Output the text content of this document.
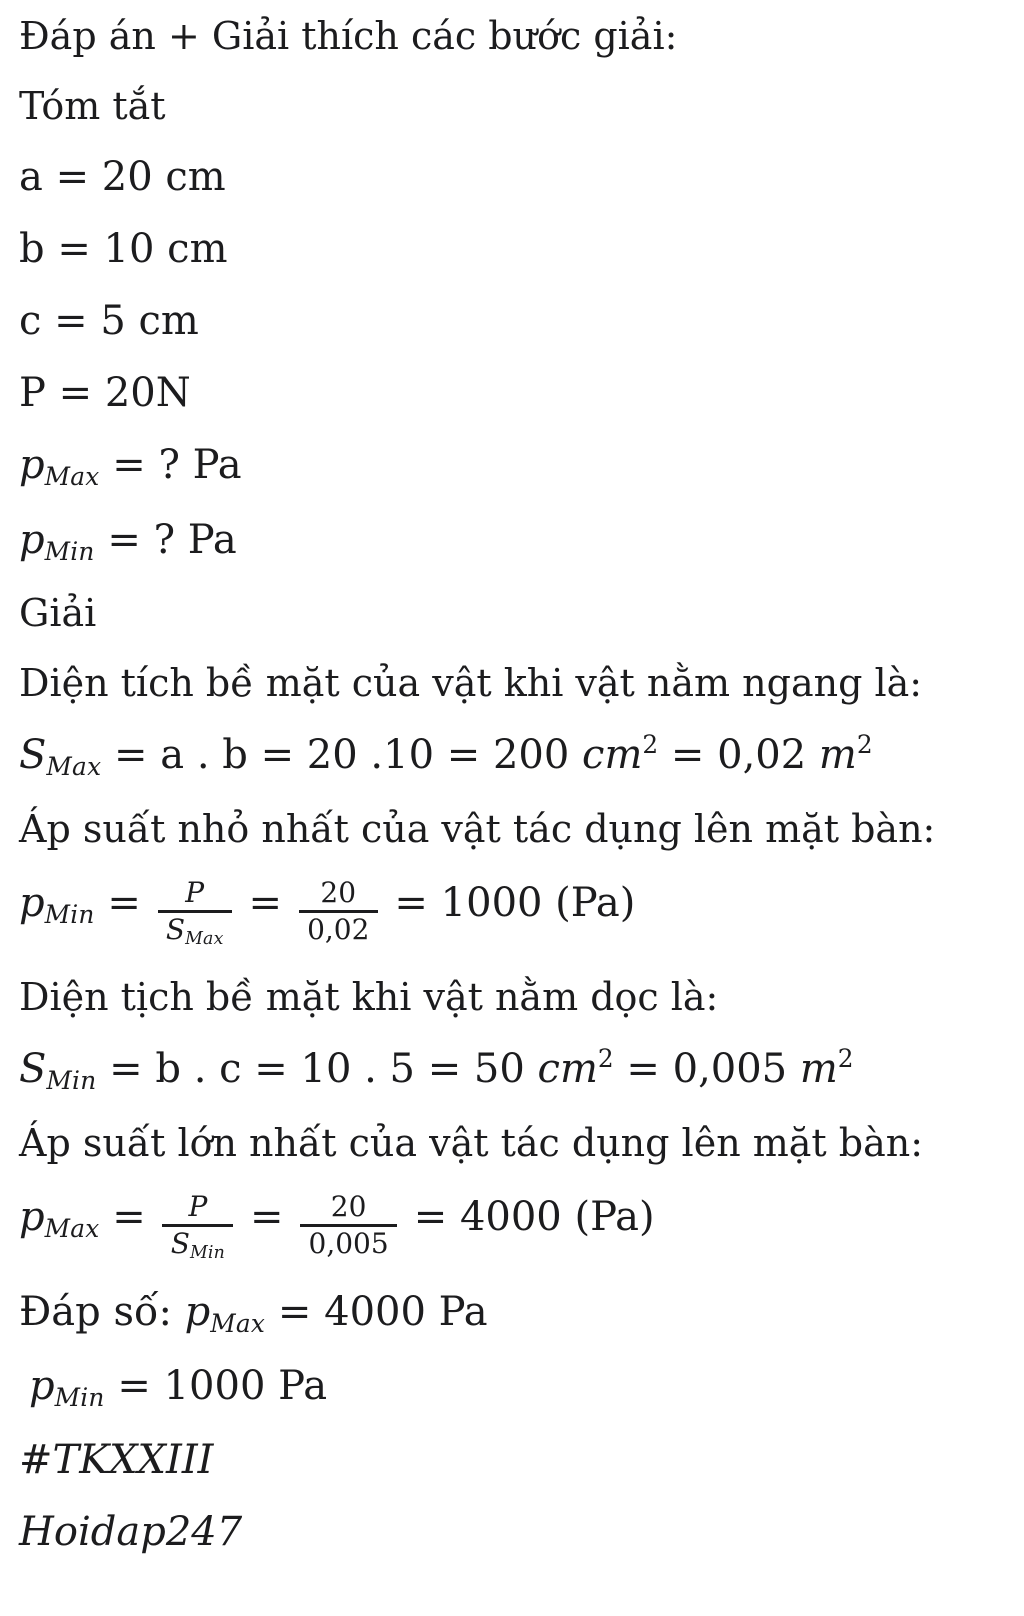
Đáp án + Giải thích các bước giải:
Tóm tắt
a = 20 cm
b = 10 cm
c = 5 cm
P = 20N
$p_{Max}$ = ? Pa
$p_{Min}$ = ? Pa
Giải
Diện tích bề mặt của vật khi vật nằm ngang là:
$S_{Max} = a$ . b = 20 .10 = 200 $cm^2 = 0,02$ $m^2$
Áp suất nhỏ nhất của vật tác dụng lên mặt bàn:
$p_{Min} = \frac{P}{S_{Max}} = \frac{20}{0,02} = 1000$ (Pa)
Diện tịch bề mặt khi vật nằm dọc là:
$S_{Min} = b$ . c = 10 . 5 = 50 $cm^2 = 0,005$ $m^2$
Áp suất lớn nhất của vật tác dụng lên mặt bàn:
$p_{Max} = \frac{P}{S_{Min}} = \frac{20}{0,005} = 4000$ (Pa)
Đáp số: $p_{Max} = 4000$ Pa
$p_{Min} = 1000$ Pa
#TKXXIII
Hoidap247
